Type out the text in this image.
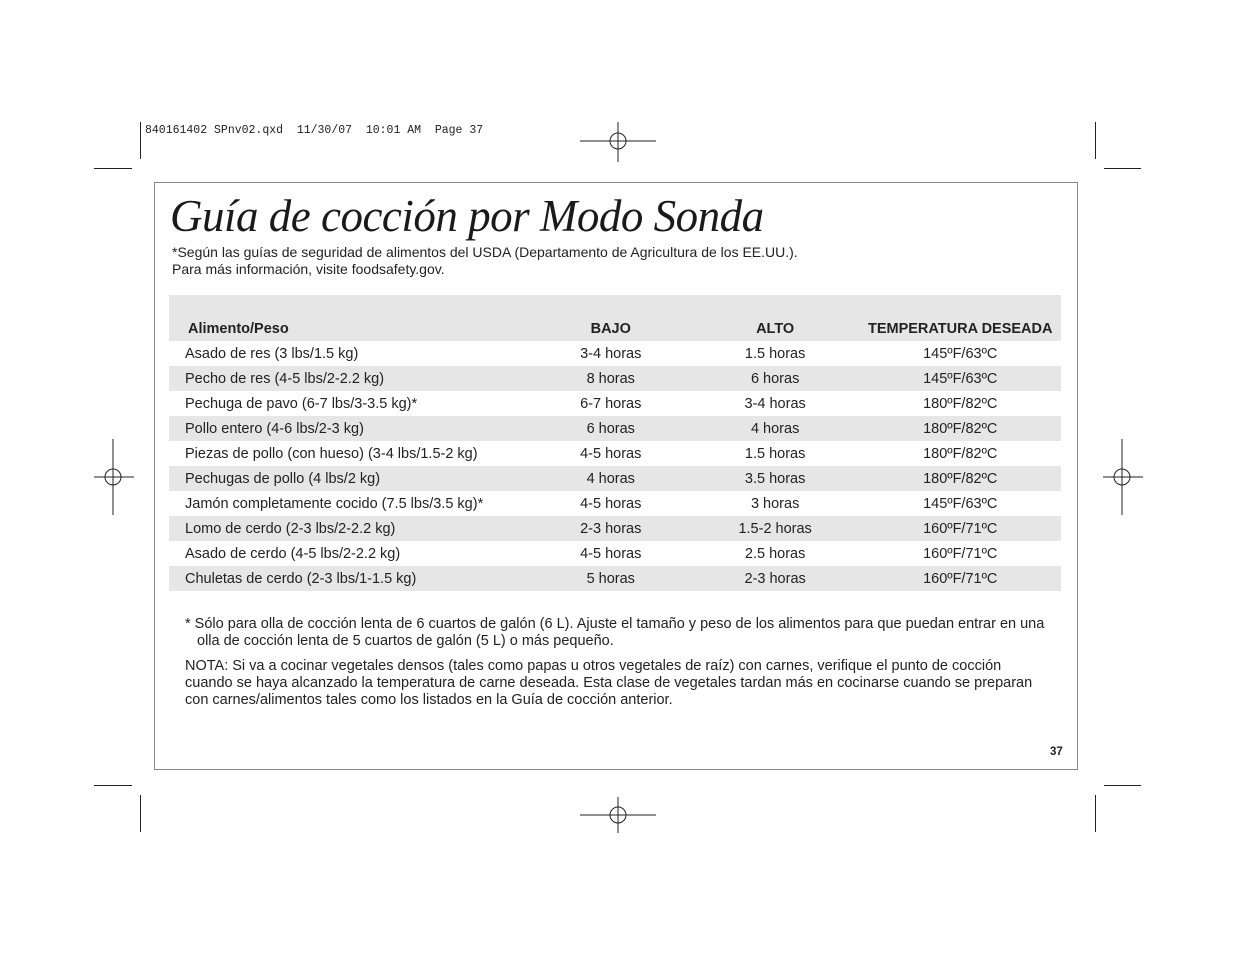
840161402 SPnv02.qxd  11/30/07  10:01 AM  Page 37
Guía de cocción por Modo Sonda
*Según las guías de seguridad de alimentos del USDA (Departamento de Agricultura de los EE.UU.).
Para más información, visite foodsafety.gov.
Alimento/Peso	BAJO	ALTO	TEMPERATURA DESEADA
Asado de res (3 lbs/1.5 kg)	3-4 horas	1.5 horas	145ºF/63ºC
Pecho de res (4-5 lbs/2-2.2 kg)	8 horas	6 horas	145ºF/63ºC
Pechuga de pavo (6-7 lbs/3-3.5 kg)*	6-7 horas	3-4 horas	180ºF/82ºC
Pollo entero (4-6 lbs/2-3 kg)	6 horas	4 horas	180ºF/82ºC
Piezas de pollo (con hueso) (3-4 lbs/1.5-2 kg)	4-5 horas	1.5 horas	180ºF/82ºC
Pechugas de pollo (4 lbs/2 kg)	4 horas	3.5 horas	180ºF/82ºC
Jamón completamente cocido (7.5 lbs/3.5 kg)*	4-5 horas	3 horas	145ºF/63ºC
Lomo de cerdo (2-3 lbs/2-2.2 kg)	2-3 horas	1.5-2 horas	160ºF/71ºC
Asado de cerdo (4-5 lbs/2-2.2 kg)	4-5 horas	2.5 horas	160ºF/71ºC
Chuletas de cerdo (2-3 lbs/1-1.5 kg)	5 horas	2-3 horas	160ºF/71ºC

* Sólo para olla de cocción lenta de 6 cuartos de galón (6 L). Ajuste el tamaño y peso de los alimentos para que puedan entrar en una olla de cocción lenta de 5 cuartos de galón (5 L) o más pequeño.

NOTA: Si va a cocinar vegetales densos (tales como papas u otros vegetales de raíz) con carnes, verifique el punto de cocción cuando se haya alcanzado la temperatura de carne deseada. Esta clase de vegetales tardan más en cocinarse cuando se preparan con carnes/alimentos tales como los listados en la Guía de cocción anterior.

37
